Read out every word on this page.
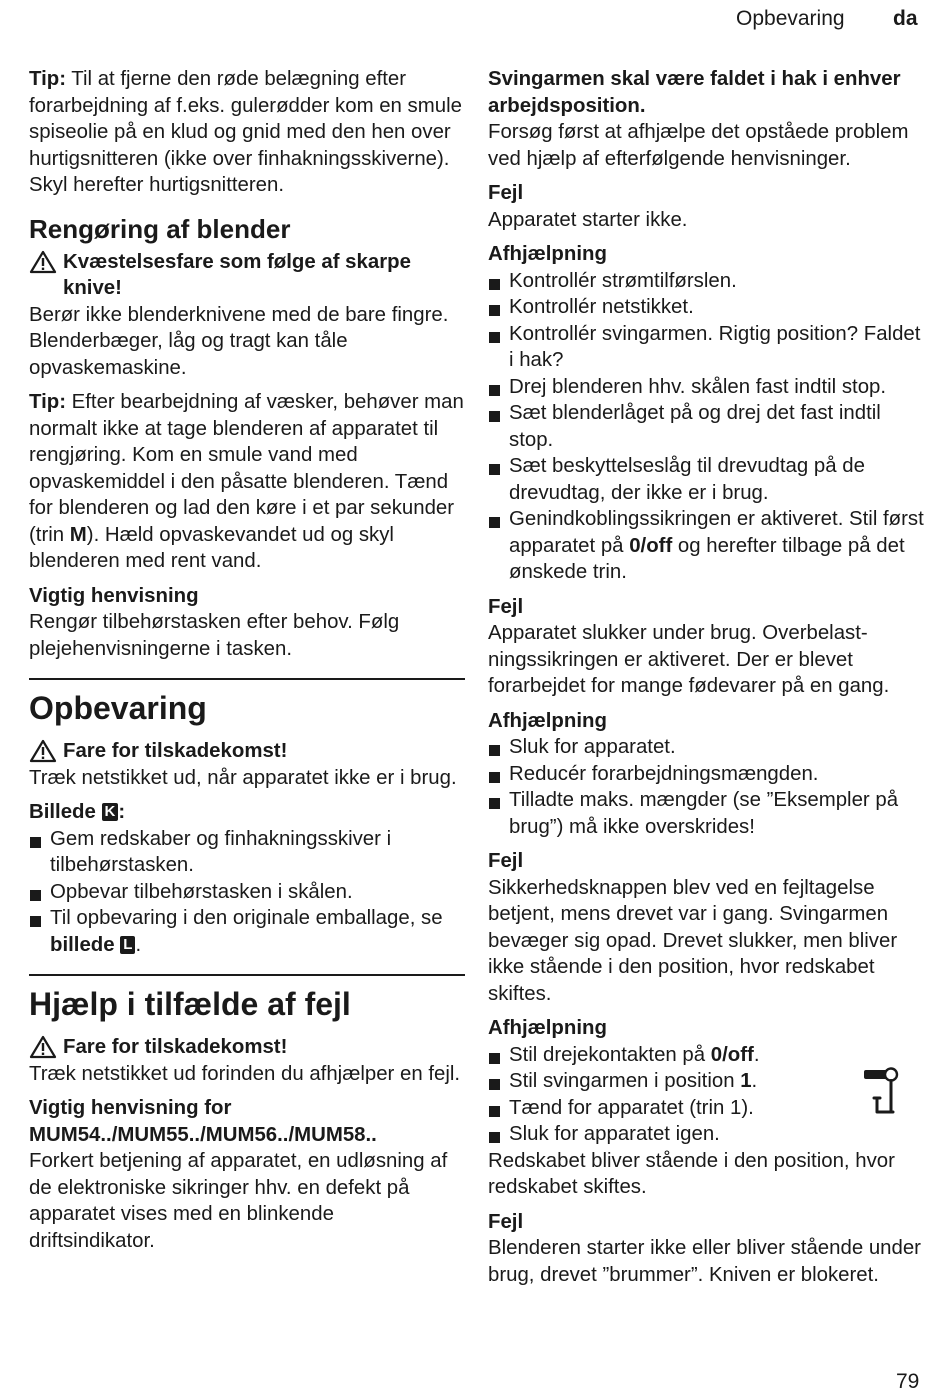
Opbevaring da

Tip: Til at fjerne den røde belægning efter forarbejdning af f.eks. gulerødder kom en smule spiseolie på en klud og gnid med den hen over hurtigsnitteren (ikke over finhakningsskiverne). Skyl herefter hurtigsnitteren.

Rengøring af blender
Kvæstelsesfare som følge af skarpe knive!

Berør ikke blenderknivene med de bare fingre. Blenderbæger, låg og tragt kan tåle opvaskemaskine.

Tip: Efter bearbejdning af væsker, behøver man normalt ikke at tage blenderen af apparatet til rengjøring. Kom en smule vand med opvaskemiddel i den påsatte blenderen. Tænd for blenderen og lad den køre i et par sekunder (trin M). Hæld opvaskevandet ud og skyl blenderen med rent vand.

Vigtig henvisning

Rengør tilbehørstasken efter behov. Følg plejehenvisningerne i tasken.

Opbevaring
Fare for tilskadekomst!

Træk netstikket ud, når apparatet ikke er i brug.

Billede K :

Gem redskaber og finhakningsskiver i tilbehørstasken.
Opbevar tilbehørstasken i skålen.
Til opbevaring i den originale emballage, se billede L .
Hjælp i tilfælde af fejl
Fare for tilskadekomst!

Træk netstikket ud forinden du afhjælper en fejl.

Vigtig henvisning for MUM54../MUM55../MUM56../MUM58..

Forkert betjening af apparatet, en udløsning af de elektroniske sikringer hhv. en defekt på apparatet vises med en blinkende driftsindikator.

Svingarmen skal være faldet i hak i enhver arbejdsposition.

Forsøg først at afhjælpe det opståede problem ved hjælp af efterfølgende henvisninger.

Fejl

Apparatet starter ikke.

Afhjælpning

Kontrollér strømtilførslen.
Kontrollér netstikket.
Kontrollér svingarmen. Rigtig position? Faldet i hak?
Drej blenderen hhv. skålen fast indtil stop.
Sæt blenderlåget på og drej det fast indtil stop.
Sæt beskyttelseslåg til drevudtag på de drevudtag, der ikke er i brug.
Genindkoblingssikringen er aktiveret. Stil først apparatet på 0/off og herefter tilbage på det ønskede trin.

Fejl

Apparatet slukker under brug. Overbelastningssikringen er aktiveret. Der er blevet forarbejdet for mange fødevarer på en gang.

Afhjælpning

Sluk for apparatet.
Reducér forarbejdningsmængden.
Tilladte maks. mængder (se ”Eksempler på brug”) må ikke overskrides!

Fejl

Sikkerhedsknappen blev ved en fejltagelse betjent, mens drevet var i gang. Svingarmen bevæger sig opad. Drevet slukker, men bliver ikke stående i den position, hvor redskabet skiftes.

Afhjælpning

Stil drejekontakten på 0/off.
Stil svingarmen i position 1.
Tænd for apparatet (trin 1).
Sluk for apparatet igen.

Redskabet bliver stående i den position, hvor redskabet skiftes.

Fejl

Blenderen starter ikke eller bliver stående under brug, drevet ”brummer”. Kniven er blokeret.

79
